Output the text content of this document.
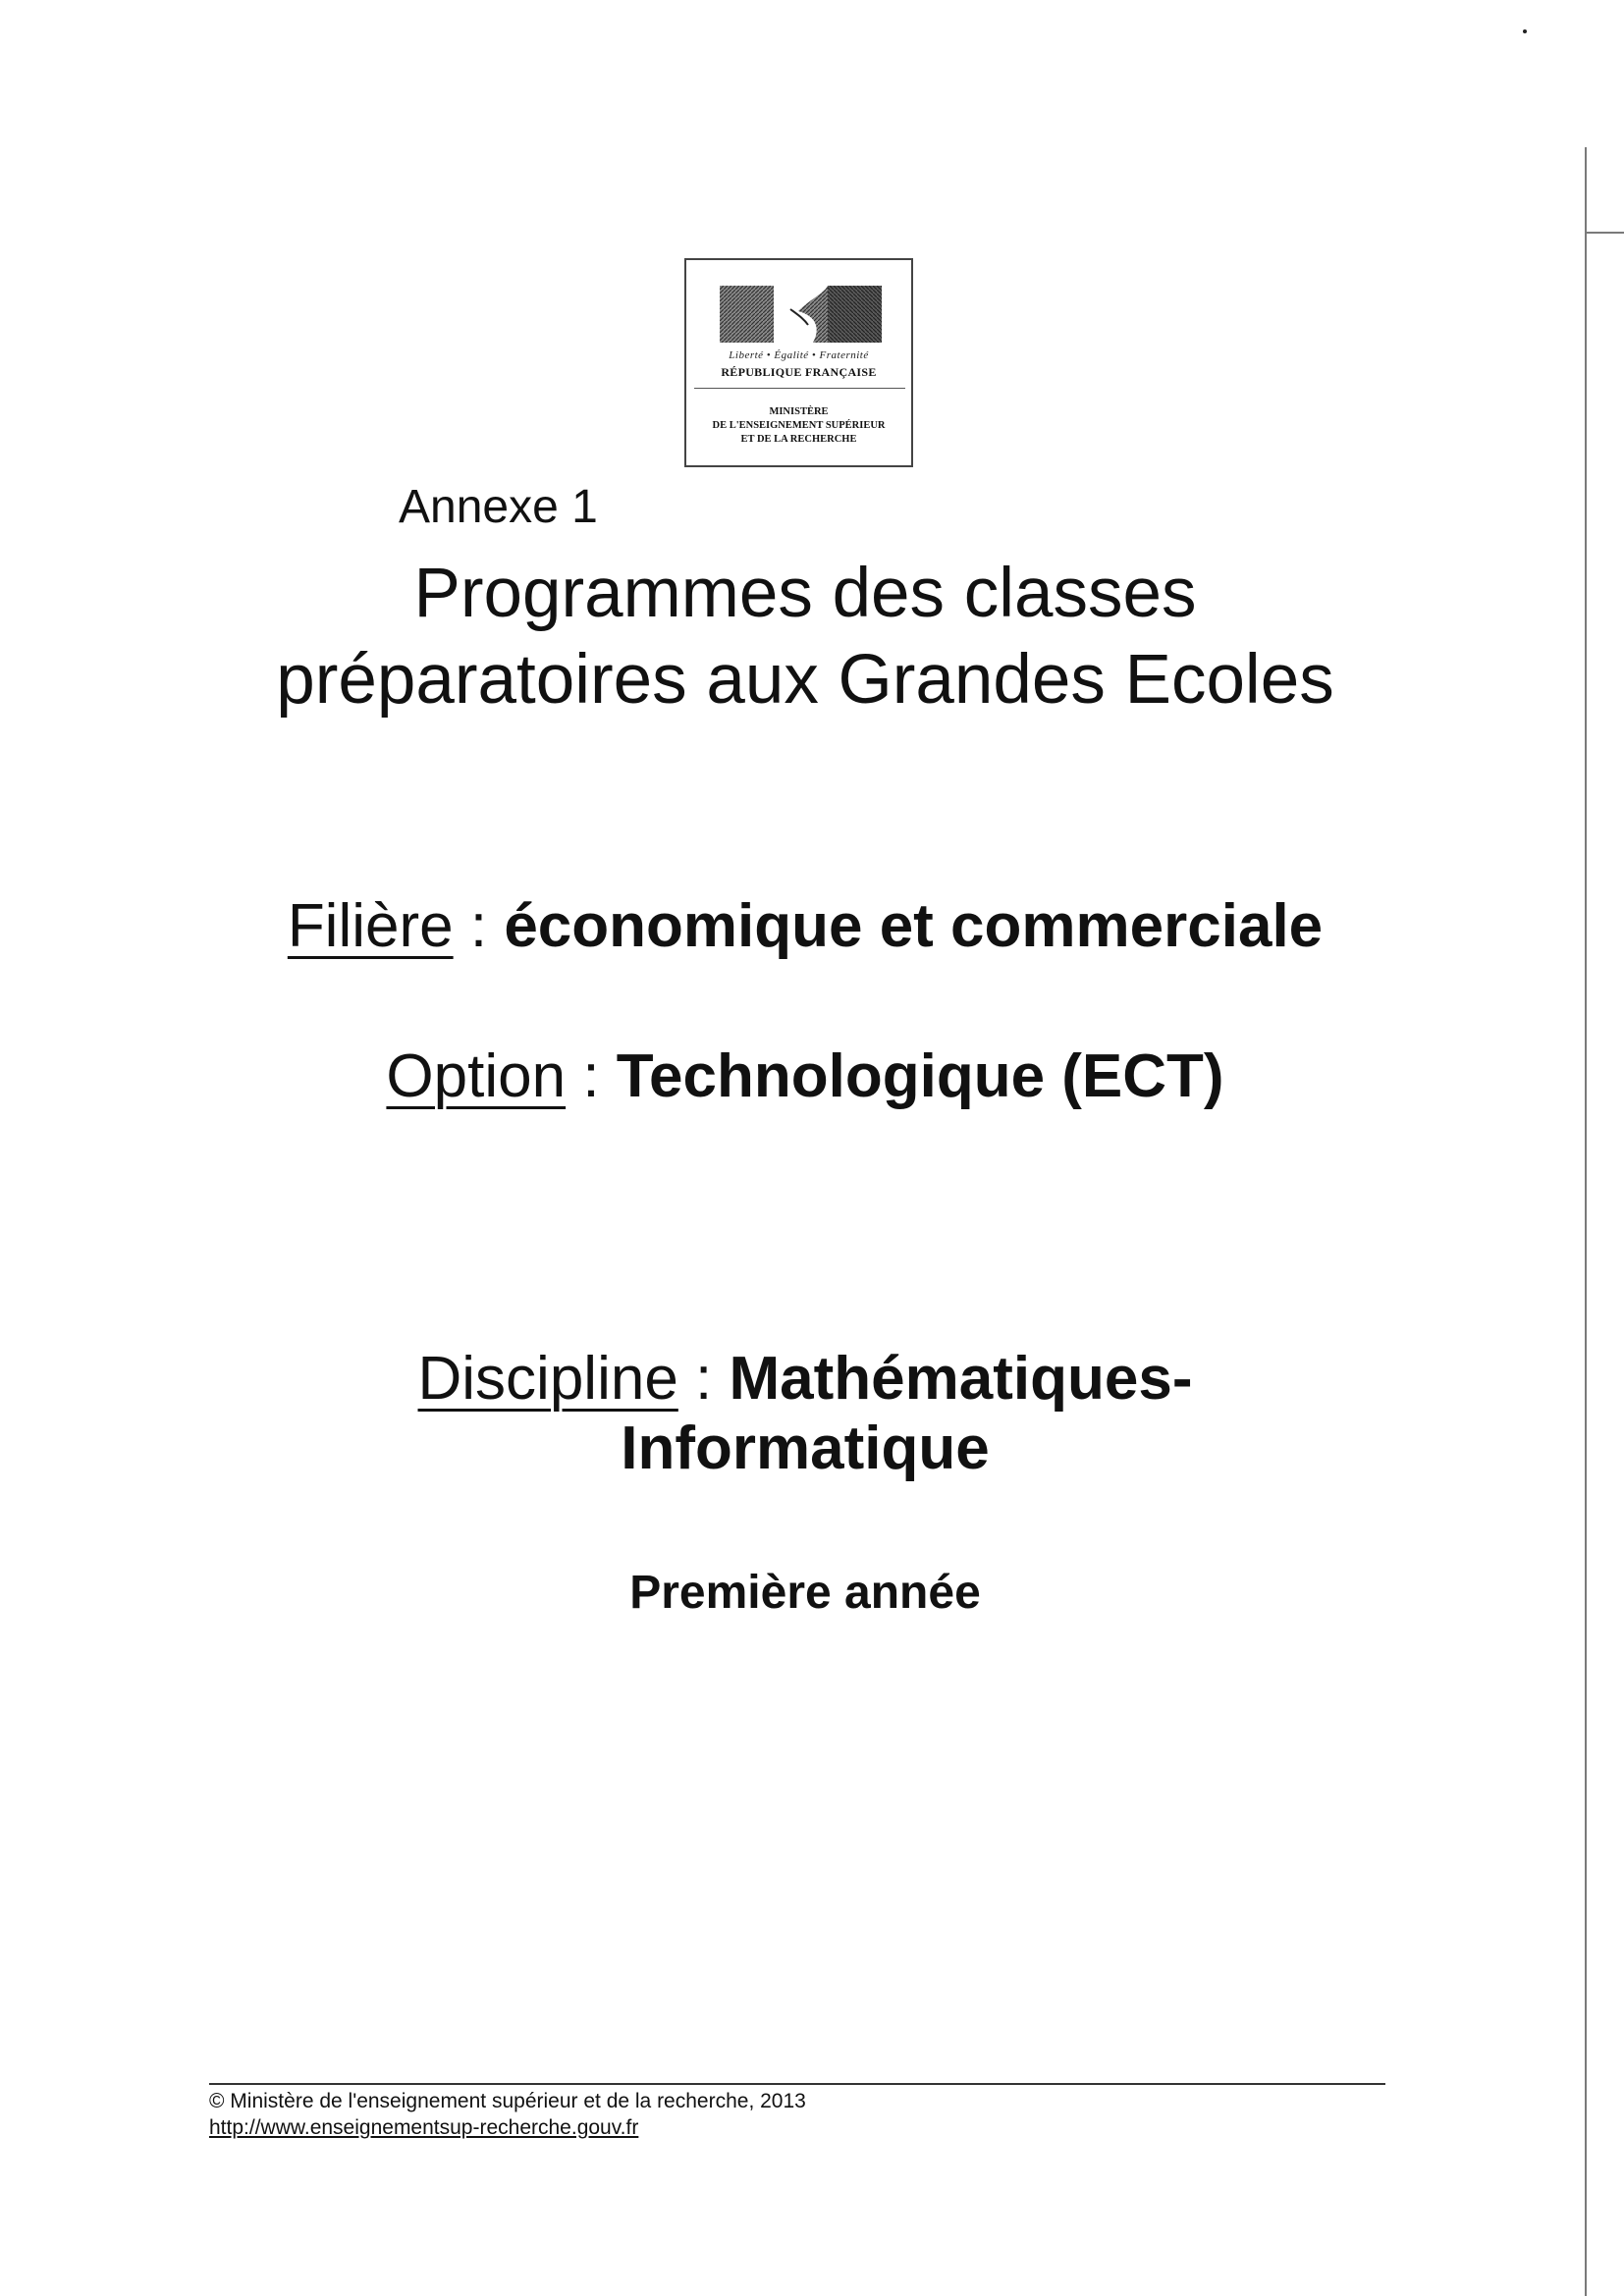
Liberté • Égalité • Fraternité
RÉPUBLIQUE FRANÇAISE
MINISTÈRE
DE L'ENSEIGNEMENT SUPÉRIEUR
ET DE LA RECHERCHE
Annexe 1
Programmes des classes
préparatoires aux Grandes Ecoles
Filière : économique et commerciale
Option : Technologique (ECT)
Discipline : Mathématiques-
Informatique
Première année
© Ministère de l'enseignement supérieur et de la recherche, 2013
http://www.enseignementsup-recherche.gouv.fr
